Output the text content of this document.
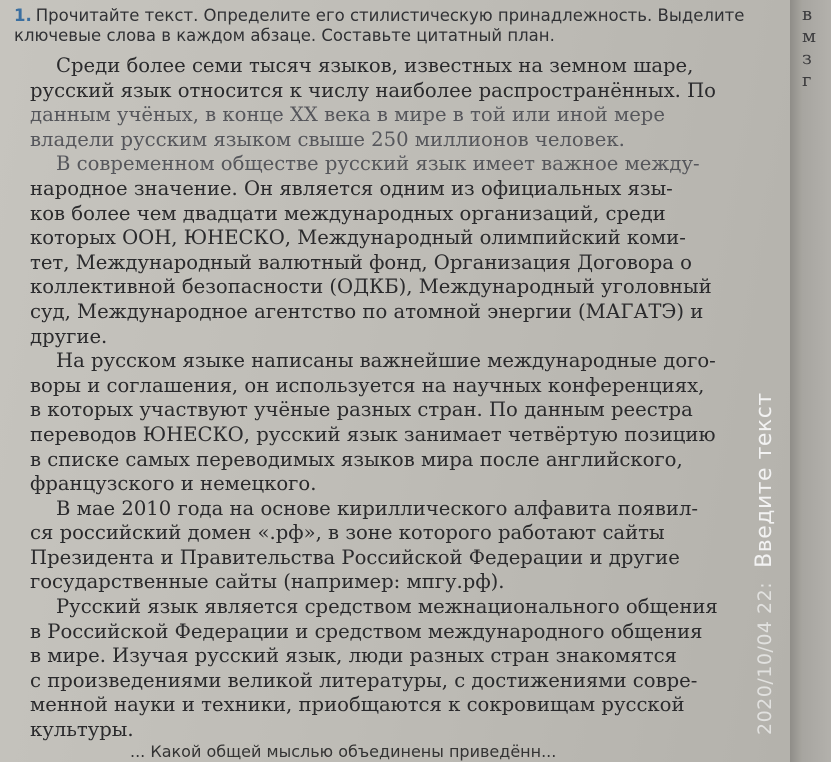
1. Прочитайте текст. Определите его стилистическую принадлежность. Выделите
ключевые слова в каждом абзаце. Составьте цитатный план.
Среди более семи тысяч языков, известных на земном шаре,
русский язык относится к числу наиболее распространённых. По
данным учёных, в конце XX века в мире в той или иной мере
владели русским языком свыше 250 миллионов человек.
В современном обществе русский язык имеет важное между-
народное значение. Он является одним из официальных язы-
ков более чем двадцати международных организаций, среди
которых ООН, ЮНЕСКО, Международный олимпийский коми-
тет, Международный валютный фонд, Организация Договора о
коллективной безопасности (ОДКБ), Международный уголовный
суд, Международное агентство по атомной энергии (МАГАТЭ) и
другие.
На русском языке написаны важнейшие международные дого-
воры и соглашения, он используется на научных конференциях,
в которых участвуют учёные разных стран. По данным реестра
переводов ЮНЕСКО, русский язык занимает четвёртую позицию
в списке самых переводимых языков мира после английского,
французского и немецкого.
В мае 2010 года на основе кириллического алфавита появил-
ся российский домен «.рф», в зоне которого работают сайты
Президента и Правительства Российской Федерации и другие
государственные сайты (например: мпгу.рф).
Русский язык является средством межнационального общения
в Российской Федерации и средством международного общения
в мире. Изучая русский язык, люди разных стран знакомятся
с произведениями великой литературы, с достижениями совре-
менной науки и техники, приобщаются к сокровищам русской
культуры.
... Какой общей мыслью объединены приведённ...
в
м
з
г
2020/10/04 22:Введите текст
